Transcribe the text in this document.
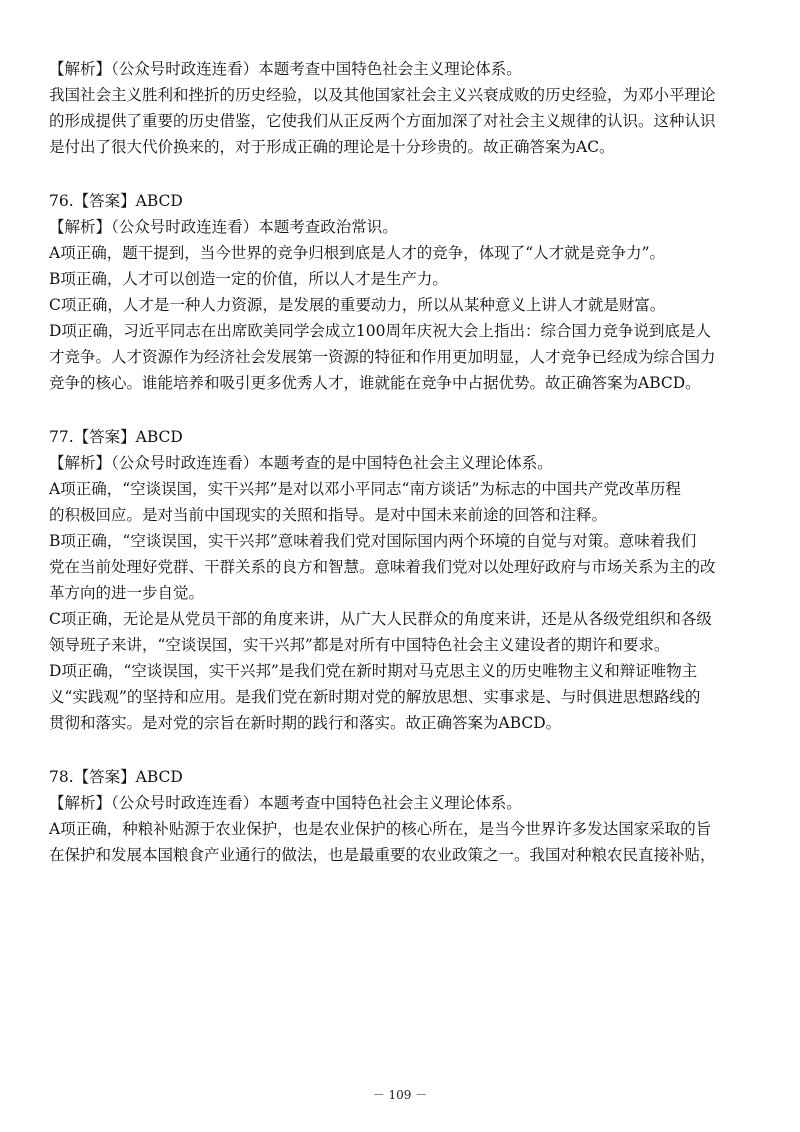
【解析】（公众号时政连连看）本题考查中国特色社会主义理论体系。
我国社会主义胜利和挫折的历史经验，以及其他国家社会主义兴衰成败的历史经验，为邓小平理论
的形成提供了重要的历史借鉴，它使我们从正反两个方面加深了对社会主义规律的认识。这种认识
是付出了很大代价换来的，对于形成正确的理论是十分珍贵的。故正确答案为AC。
76.【答案】ABCD
【解析】（公众号时政连连看）本题考查政治常识。
A项正确，题干提到，当今世界的竞争归根到底是人才的竞争，体现了“人才就是竞争力”。
B项正确，人才可以创造一定的价值，所以人才是生产力。
C项正确，人才是一种人力资源，是发展的重要动力，所以从某种意义上讲人才就是财富。
D项正确，习近平同志在出席欧美同学会成立100周年庆祝大会上指出：综合国力竞争说到底是人
才竞争。人才资源作为经济社会发展第一资源的特征和作用更加明显，人才竞争已经成为综合国力
竞争的核心。谁能培养和吸引更多优秀人才，谁就能在竞争中占据优势。故正确答案为ABCD。
77.【答案】ABCD
【解析】（公众号时政连连看）本题考查的是中国特色社会主义理论体系。
A项正确，“空谈误国，实干兴邦”是对以邓小平同志“南方谈话”为标志的中国共产党改革历程
的积极回应。是对当前中国现实的关照和指导。是对中国未来前途的回答和注释。
B项正确，“空谈误国，实干兴邦”意味着我们党对国际国内两个环境的自觉与对策。意味着我们
党在当前处理好党群、干群关系的良方和智慧。意味着我们党对以处理好政府与市场关系为主的改
革方向的进一步自觉。
C项正确，无论是从党员干部的角度来讲，从广大人民群众的角度来讲，还是从各级党组织和各级
领导班子来讲，“空谈误国，实干兴邦”都是对所有中国特色社会主义建设者的期许和要求。
D项正确，“空谈误国，实干兴邦”是我们党在新时期对马克思主义的历史唯物主义和辩证唯物主
义“实践观”的坚持和应用。是我们党在新时期对党的解放思想、实事求是、与时俱进思想路线的
贯彻和落实。是对党的宗旨在新时期的践行和落实。故正确答案为ABCD。
78.【答案】ABCD
【解析】（公众号时政连连看）本题考查中国特色社会主义理论体系。
A项正确，种粮补贴源于农业保护，也是农业保护的核心所在，是当今世界许多发达国家采取的旨
在保护和发展本国粮食产业通行的做法，也是最重要的农业政策之一。我国对种粮农民直接补贴，
－ 109 －
